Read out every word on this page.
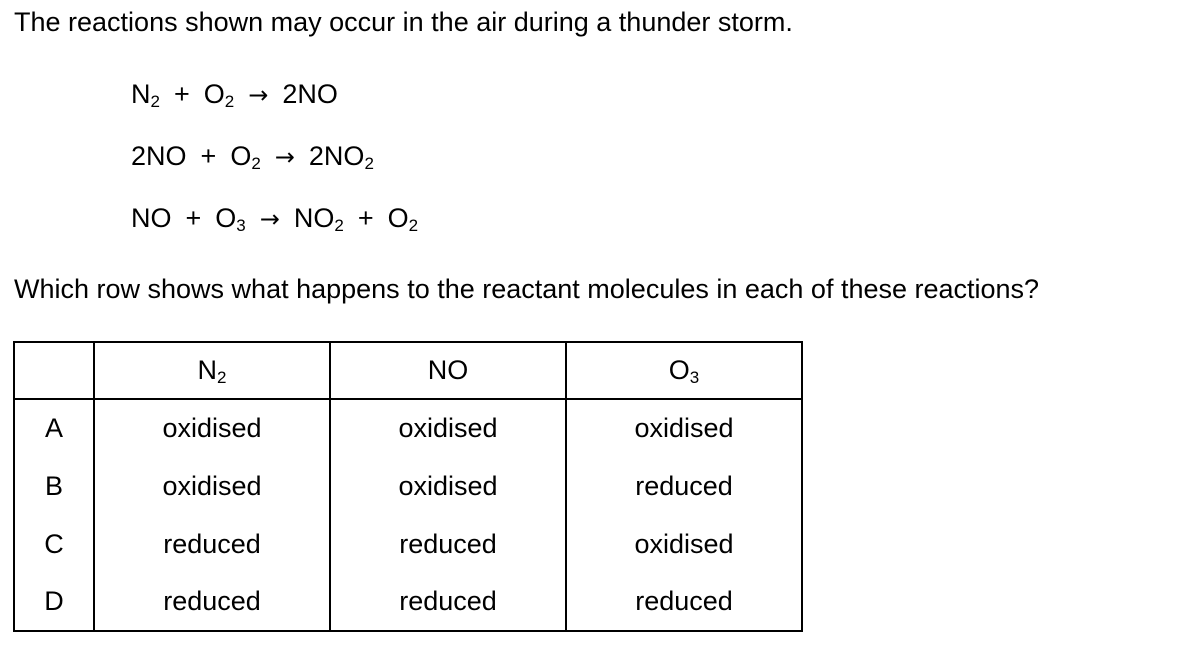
The reactions shown may occur in the air during a thunder storm.
$N_2 + O_2 \to 2NO$
$2NO + O_2 \to 2NO_2$
NO + $O_3 \to NO_2 + O_2$
Which row shows what happens to the reactant molecules in each of these reactions?
	$N_2$	NO	$O_3$
A	oxidised	oxidised	oxidised
B	oxidised	oxidised	reduced
C	reduced	reduced	oxidised
D	reduced	reduced	reduced
